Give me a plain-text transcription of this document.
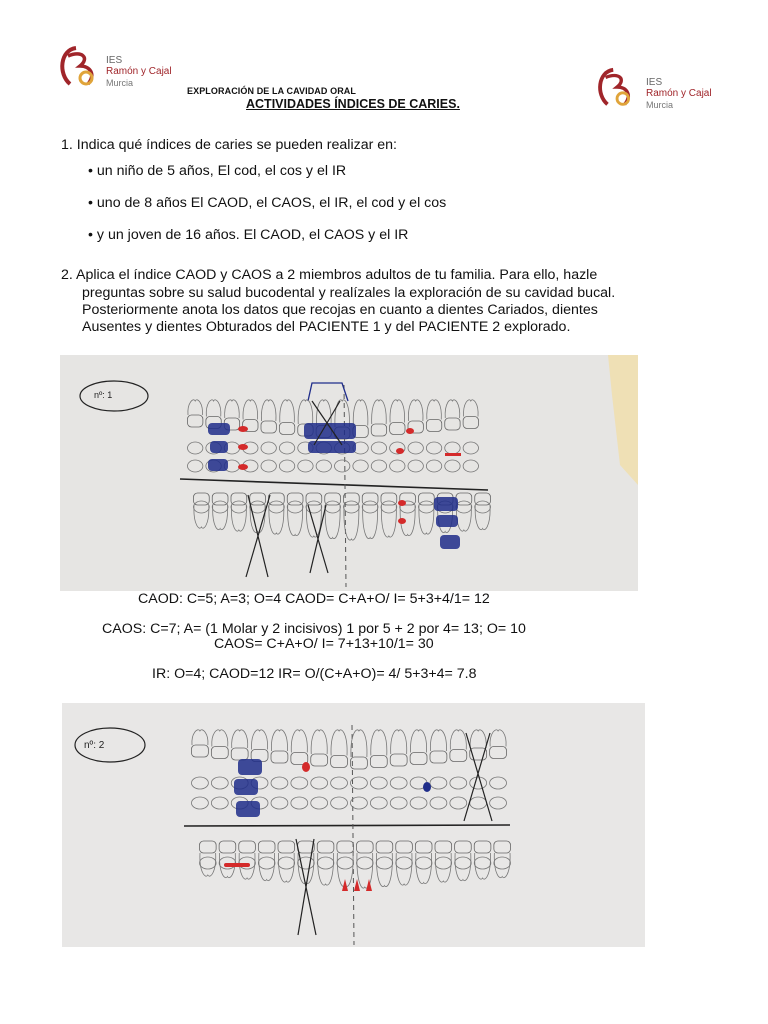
IES
Ramón y Cajal
Murcia	IES
Ramón y Cajal
Murcia
EXPLORACIÓN DE LA CAVIDAD ORAL
ACTIVIDADES ÍNDICES DE CARIES.
1. Indica qué índices de caries se pueden realizar en:
• un niño de 5 años, El cod, el cos y el IR
• uno de 8 años El CAOD, el CAOS, el IR, el cod y el cos
• y un joven de 16 años. El CAOD, el CAOS y el IR
2. Aplica el índice CAOD y CAOS a 2 miembros adultos de tu familia. Para ello, hazle
preguntas sobre su salud bucodental y realízales la exploración de su cavidad bucal.
Posteriormente anota los datos que recojas en cuanto a dientes Cariados, dientes
Ausentes y dientes Obturados del PACIENTE 1 y del PACIENTE 2 explorado.
nº: 1
CAOD: C=5; A=3; O=4 CAOD= C+A+O/ I= 5+3+4/1= 12
CAOS: C=7; A= (1 Molar y 2 incisivos) 1 por 5 + 2 por 4= 13; O= 10
CAOS= C+A+O/ I= 7+13+10/1= 30
IR: O=4; CAOD=12 IR= O/(C+A+O)= 4/ 5+3+4= 7.8
nº: 2
